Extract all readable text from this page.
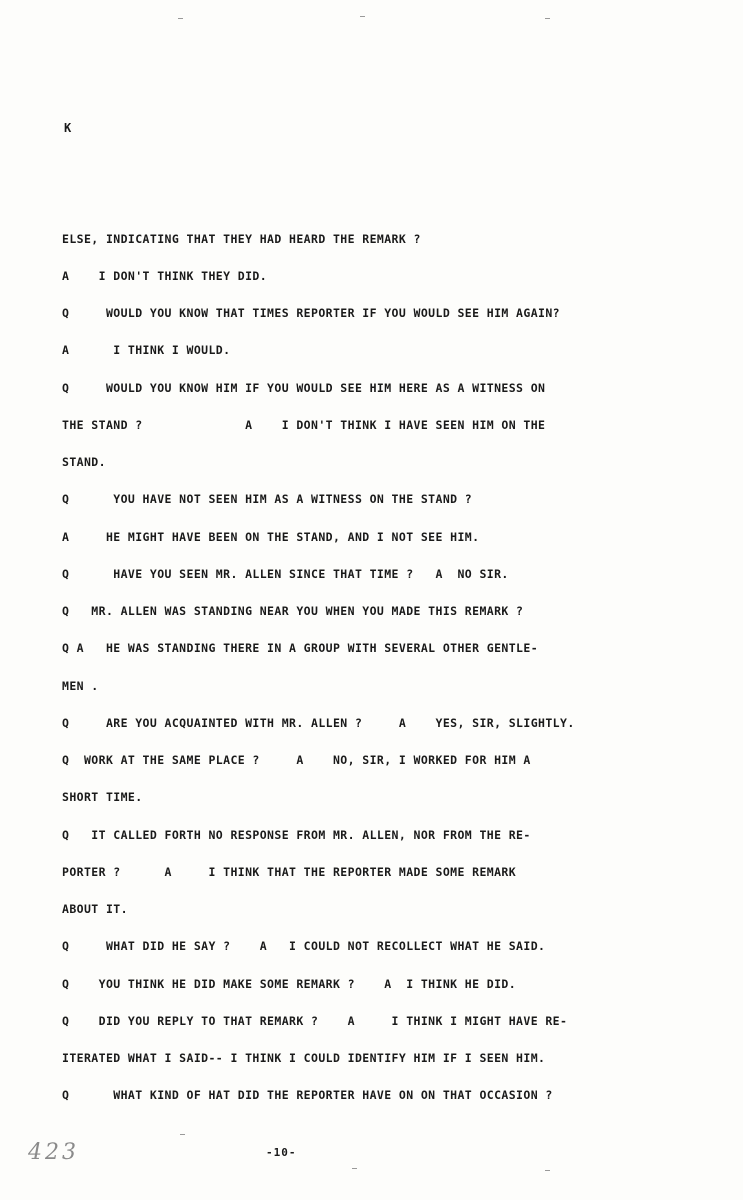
K
ELSE, INDICATING THAT THEY HAD HEARD THE REMARK ?
A    I DON'T THINK THEY DID.
Q     WOULD YOU KNOW THAT TIMES REPORTER IF YOU WOULD SEE HIM AGAIN?
A      I THINK I WOULD.
Q     WOULD YOU KNOW HIM IF YOU WOULD SEE HIM HERE AS A WITNESS ON
THE STAND ?              A    I DON'T THINK I HAVE SEEN HIM ON THE
STAND.
Q      YOU HAVE NOT SEEN HIM AS A WITNESS ON THE STAND ?
A     HE MIGHT HAVE BEEN ON THE STAND, AND I NOT SEE HIM.
Q      HAVE YOU SEEN MR. ALLEN SINCE THAT TIME ?   A  NO SIR.
Q   MR. ALLEN WAS STANDING NEAR YOU WHEN YOU MADE THIS REMARK ?
Q A   HE WAS STANDING THERE IN A GROUP WITH SEVERAL OTHER GENTLE-
MEN .
Q     ARE YOU ACQUAINTED WITH MR. ALLEN ?     A    YES, SIR, SLIGHTLY.
Q  WORK AT THE SAME PLACE ?     A    NO, SIR, I WORKED FOR HIM A
SHORT TIME.
Q   IT CALLED FORTH NO RESPONSE FROM MR. ALLEN, NOR FROM THE RE-
PORTER ?      A     I THINK THAT THE REPORTER MADE SOME REMARK
ABOUT IT.
Q     WHAT DID HE SAY ?    A   I COULD NOT RECOLLECT WHAT HE SAID.
Q    YOU THINK HE DID MAKE SOME REMARK ?    A  I THINK HE DID.
Q    DID YOU REPLY TO THAT REMARK ?    A     I THINK I MIGHT HAVE RE-
ITERATED WHAT I SAID-- I THINK I COULD IDENTIFY HIM IF I SEEN HIM.
Q      WHAT KIND OF HAT DID THE REPORTER HAVE ON ON THAT OCCASION ?
423	-10-
